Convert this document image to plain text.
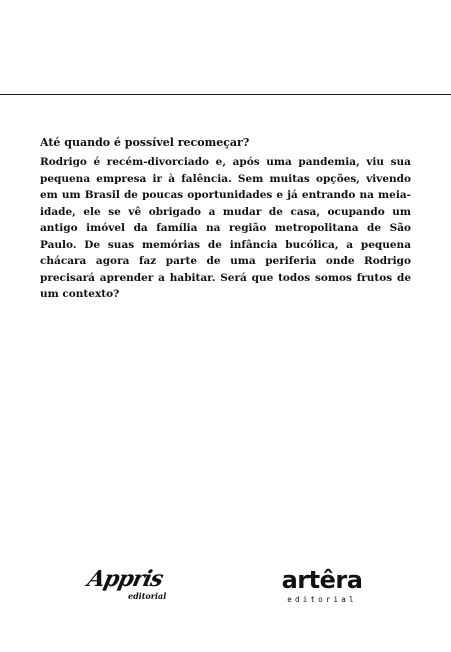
Até quando é possível recomeçar?

Rodrigo é recém-divorciado e, após uma pandemia, viu sua pequena empresa ir à falência. Sem muitas opções, vivendo em um Brasil de poucas oportunidades e já entrando na meia-idade, ele se vê obrigado a mudar de casa, ocupando um antigo imóvel da família na região metropolitana de São Paulo. De suas memórias de infância bucólica, a pequena chácara agora faz parte de uma periferia onde Rodrigo precisará aprender a habitar. Será que todos somos frutos de um contexto?

Appris
editorial
artêra
editorial
